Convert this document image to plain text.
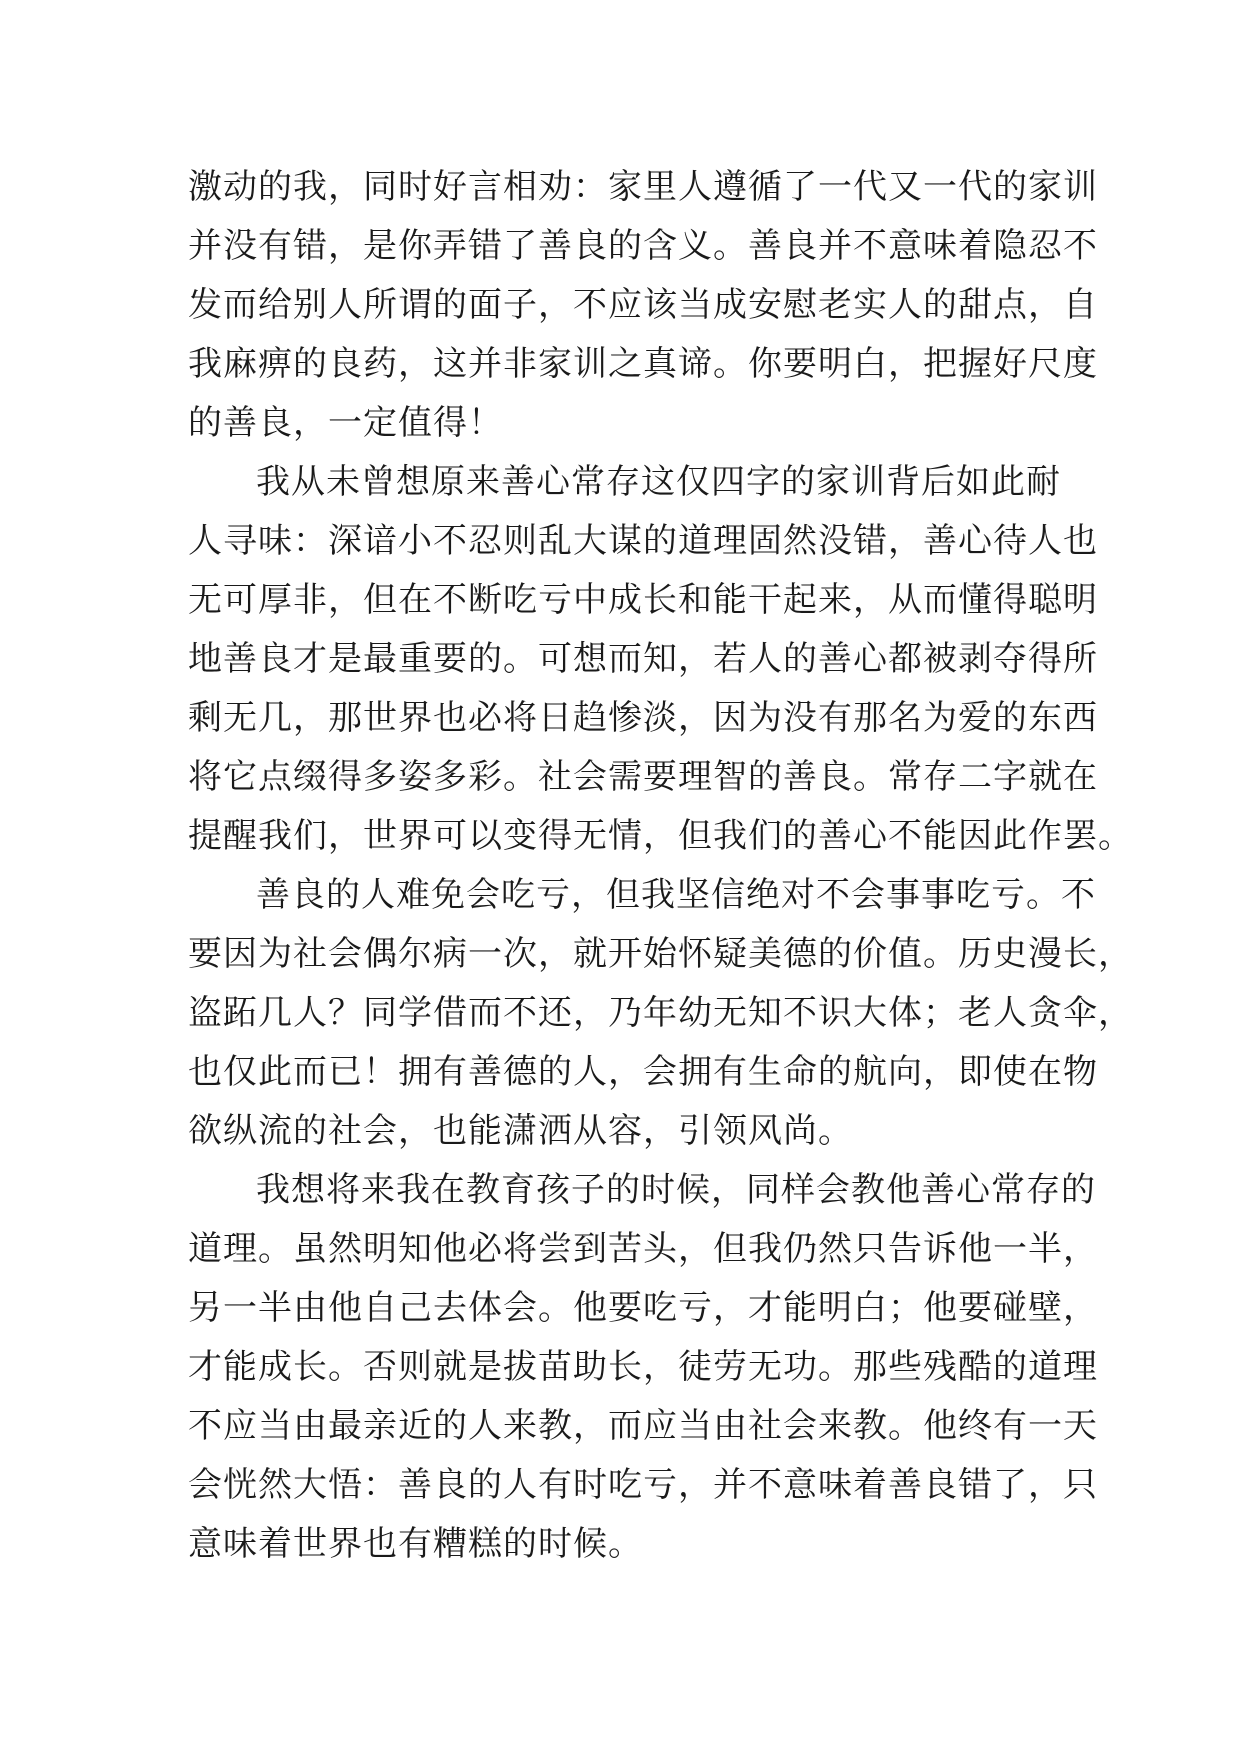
激动的我，同时好言相劝：家里人遵循了一代又一代的家训
并没有错，是你弄错了善良的含义。善良并不意味着隐忍不
发而给别人所谓的面子，不应该当成安慰老实人的甜点，自
我麻痹的良药，这并非家训之真谛。你要明白，把握好尺度
的善良，一定值得！
我从未曾想原来善心常存这仅四字的家训背后如此耐
人寻味：深谙小不忍则乱大谋的道理固然没错，善心待人也
无可厚非，但在不断吃亏中成长和能干起来，从而懂得聪明
地善良才是最重要的。可想而知，若人的善心都被剥夺得所
剩无几，那世界也必将日趋惨淡，因为没有那名为爱的东西
将它点缀得多姿多彩。社会需要理智的善良。常存二字就在
提醒我们，世界可以变得无情，但我们的善心不能因此作罢。
善良的人难免会吃亏，但我坚信绝对不会事事吃亏。不
要因为社会偶尔病一次，就开始怀疑美德的价值。历史漫长，
盗跖几人？同学借而不还，乃年幼无知不识大体；老人贪伞，
也仅此而已！拥有善德的人，会拥有生命的航向，即使在物
欲纵流的社会，也能潇洒从容，引领风尚。
我想将来我在教育孩子的时候，同样会教他善心常存的
道理。虽然明知他必将尝到苦头，但我仍然只告诉他一半，
另一半由他自己去体会。他要吃亏，才能明白；他要碰壁，
才能成长。否则就是拔苗助长，徒劳无功。那些残酷的道理
不应当由最亲近的人来教，而应当由社会来教。他终有一天
会恍然大悟：善良的人有时吃亏，并不意味着善良错了，只
意味着世界也有糟糕的时候。
